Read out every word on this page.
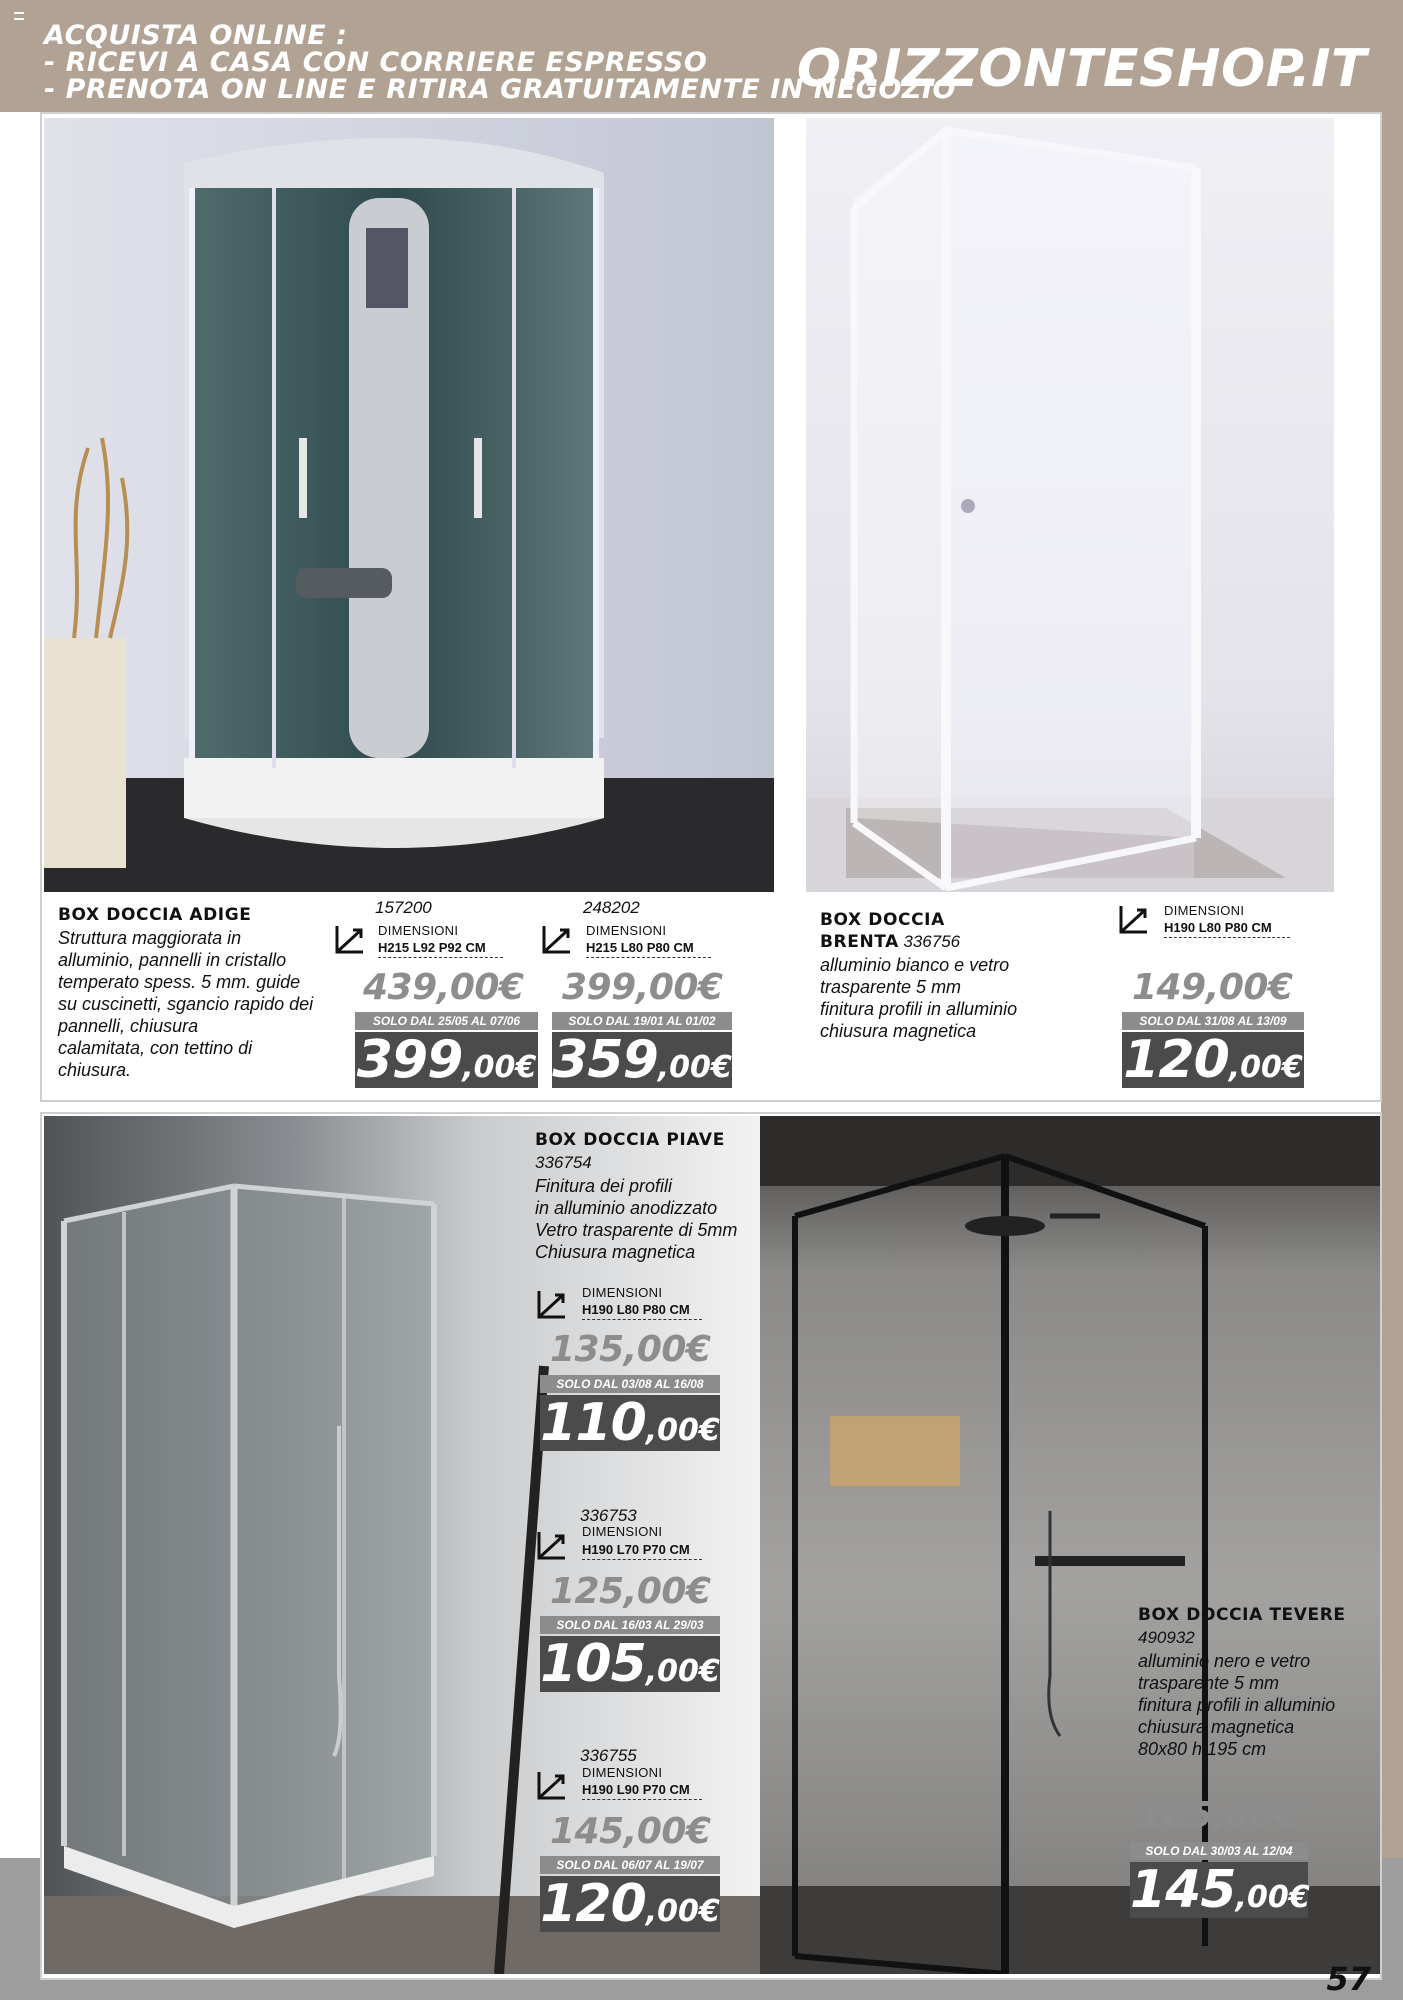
ACQUISTA ONLINE :
- RICEVI A CASA CON CORRIERE ESPRESSO
- PRENOTA ON LINE E RITIRA GRATUITAMENTE IN NEGOZIO
ORIZZONTESHOP.IT
BOX DOCCIA ADIGE
Struttura maggiorata in
alluminio, pannelli in cristallo
temperato spess. 5 mm. guide
su cuscinetti, sgancio rapido dei
pannelli, chiusura
calamitata, con tettino di
chiusura.
157200
DIMENSIONI
H215 L92 P92 CM
439,00€
SOLO DAL 25/05 AL 07/06
399,00€
248202
DIMENSIONI
H215 L80 P80 CM
399,00€
SOLO DAL 19/01 AL 01/02
359,00€
BOX DOCCIA
BRENTA 336756
alluminio bianco e vetro
trasparente 5 mm
finitura profili in alluminio
chiusura magnetica
DIMENSIONI
H190 L80 P80 CM
149,00€
SOLO DAL 31/08 AL 13/09
120,00€
BOX DOCCIA PIAVE
336754
Finitura dei profili
in alluminio anodizzato
Vetro trasparente di 5mm
Chiusura magnetica
DIMENSIONI
H190 L80 P80 CM
135,00€
SOLO DAL 03/08 AL 16/08
110,00€
336753
DIMENSIONI
H190 L70 P70 CM
125,00€
SOLO DAL 16/03 AL 29/03
105,00€
336755
DIMENSIONI
H190 L90 P70 CM
145,00€
SOLO DAL 06/07 AL 19/07
120,00€
BOX DOCCIA TEVERE
490932
alluminio nero e vetro
trasparente 5 mm
finitura profili in alluminio
chiusura magnetica
80x80 h 195 cm
165,00€
SOLO DAL 30/03 AL 12/04
145,00€
57
